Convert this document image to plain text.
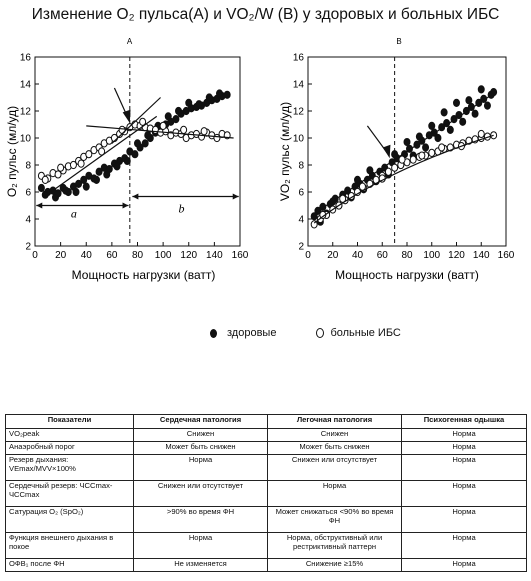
Изменение O₂ пульса(А) и VO₂/W (B) у здоровых и больных ИБС
0 20 40 60 80 100 120 140 160
2
4
6
8
10
12
14
16
A
Мощность нагрузки (ватт)
O₂ пульс (мл/уд)
a	b
0 20 40 60 80 100 120 140 160
2
4
6
8
10
12
14
16
B
Мощность нагрузки (ватт)
VO₂ пульс (мл/уд)
здоровые	больные ИБС
Показатели	Сердечная патология	Легочная патология	Психогенная одышка
VO₂peak	Снижен	Снижен	Норма
Анаэробный порог	Может быть снижен	Может быть снижен	Норма
Резерв дыхания: VEmax/MVV×100%	Норма	Снижен или отсутствует	Норма
Сердечный резерв: ЧССmax-ЧССmax	Снижен или отсутствует	Норма	Норма
Сатурация O₂ (SpO₂)	>90% во время ФН	Может снижаться <90% во время ФН	Норма
Функция внешнего дыхания в покое	Норма	Норма, обструктивный или рестриктивный паттерн	Норма
ОФВ₁ после ФН	Не изменяется	Снижение ≥15%	Норма
